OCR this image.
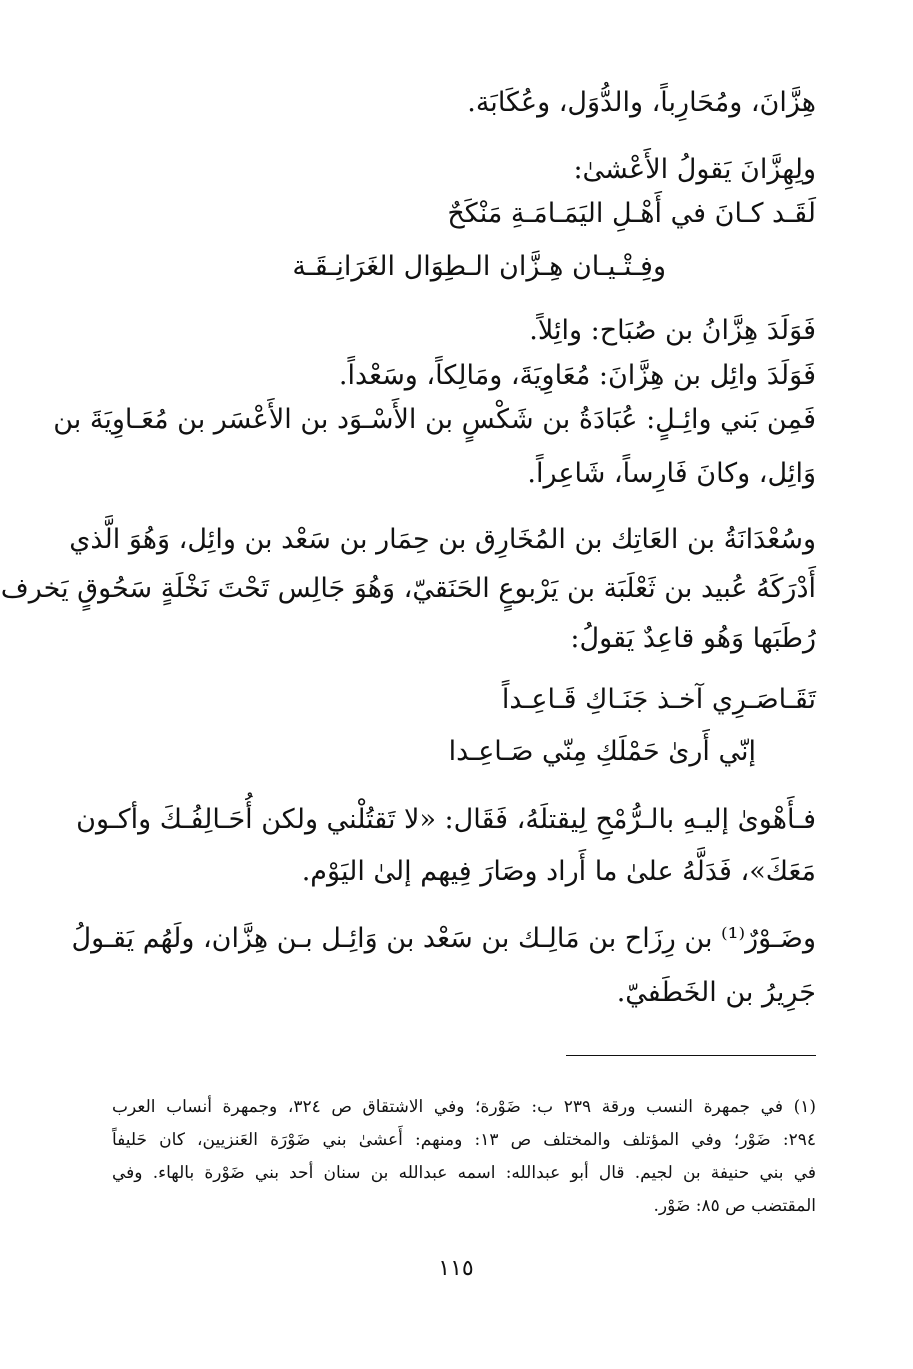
هِزَّانَ، ومُحَارِباً، والدُّوَل، وعُكَابَة.
ولِهِزَّانَ يَقولُ الأَعْشىٰ:
لَقَـد كـانَ في أَهْـلِ اليَمَـامَـةِ مَنْكَحٌ
وفِـتْـيـان هِـزَّان الـطِوَال الغَرَانِـقَـة
فَوَلَدَ هِزَّانُ بن صُبَاح: وائِلاً.
فَوَلَدَ وائِل بن هِزَّانَ: مُعَاوِيَةَ، ومَالِكاً، وسَعْداً.
فَمِن بَني وائِـلٍ: عُبَادَةُ بن شَكْسٍ بن الأَسْـوَد بن الأَعْسَر بن مُعَـاوِيَةَ بن
وَائِل، وكانَ فَارِساً، شَاعِراً.
وسُعْدَانَةُ بن العَاتِك بن المُخَارِق بن حِمَار بن سَعْد بن وائِل، وَهُوَ الَّذي
أَدْرَكَهُ عُبيد بن ثَعْلَبَة بن يَرْبوعٍ الحَنَقيّ، وَهُوَ جَالِس تَحْتَ نَخْلَةٍ سَحُوقٍ يَخرف
رُطَبَها وَهُو قاعِدٌ يَقولُ:
تَقَـاصَـرِي آخـذ جَنَـاكِ قَـاعِـداً
إنّي أَرىٰ حَمْلَكِ مِنّي صَـاعِـدا
فـأَهْوىٰ إليـهِ بالـرُّمْحِ لِيقتلَهُ، فَقَال: «لا تَقتُلْني ولكن أُحَـالِفُـكَ وأكـون
مَعَكَ»، فَدَلَّهُ علىٰ ما أَراد وصَارَ فِيهم إلىٰ اليَوْم.
وضَـوْرٌ⁽¹⁾ بن رِزَاح بن مَالِـك بن سَعْد بن وَائِـل بـن هِزَّان، ولَهُم يَقـولُ
جَرِيرُ بن الخَطَفيّ.
(١) في جمهرة النسب ورقة ٢٣٩ ب: ضَوْرة؛ وفي الاشتقاق ص ٣٢٤، وجمهرة أنساب العرب
٢٩٤: ضَوْر؛ وفي المؤتلف والمختلف ص ١٣: ومنهم: أَعشىٰ بني ضَوْرَة العَنزيين، كان حَليفاً
في بني حنيفة بن لجيم. قال أبو عبدالله: اسمه عبدالله بن سنان أحد بني ضَوْرة بالهاء. وفي
المقتضب ص ٨٥: ضَوْر.
١١٥
